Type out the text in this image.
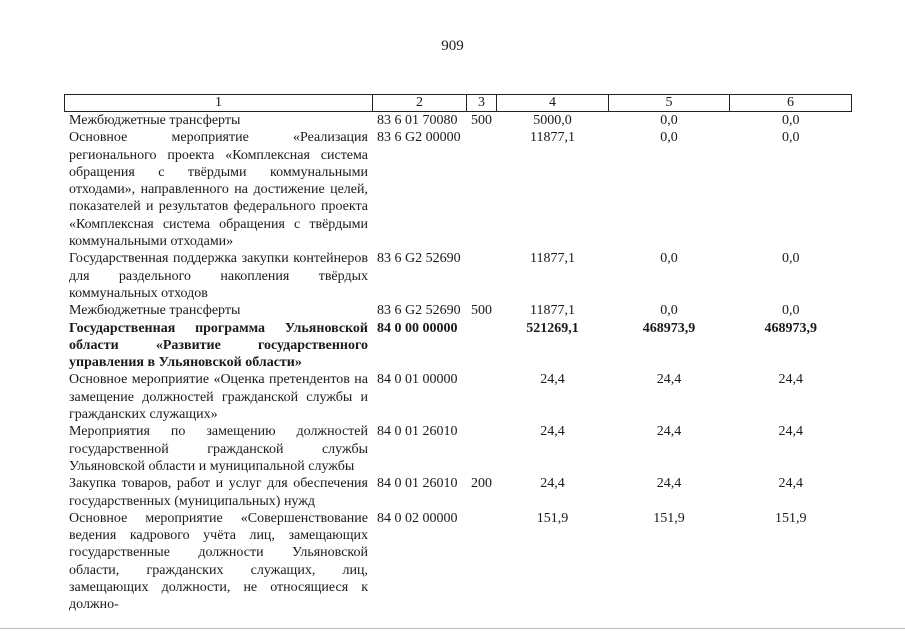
909
1	2	3	4	5	6
Межбюджетные трансферты	83 6 01 70080	500	5000,0	0,0	0,0
Основное мероприятие «Реализация регионального проекта «Комплексная система обращения с твёрдыми коммунальными отходами», направленного на достижение целей, показателей и результатов федерального проекта «Комплексная система обращения с твёрдыми коммунальными отходами»	83 6 G2 00000		11877,1	0,0	0,0
Государственная поддержка закупки контейнеров для раздельного накопления твёрдых коммунальных отходов	83 6 G2 52690		11877,1	0,0	0,0
Межбюджетные трансферты	83 6 G2 52690	500	11877,1	0,0	0,0
Государственная программа Ульяновской области «Развитие государственного управления в Ульяновской области»	84 0 00 00000		521269,1	468973,9	468973,9
Основное мероприятие «Оценка претендентов на замещение должностей гражданской службы и гражданских служащих»	84 0 01 00000		24,4	24,4	24,4
Мероприятия по замещению должностей государственной гражданской службы Ульяновской области и муниципальной службы	84 0 01 26010		24,4	24,4	24,4
Закупка товаров, работ и услуг для обеспечения государственных (муниципальных) нужд	84 0 01 26010	200	24,4	24,4	24,4
Основное мероприятие «Совершенствование ведения кадрового учёта лиц, замещающих государственные должности Ульяновской области, гражданских служащих, лиц, замещающих должности, не относящиеся к должно-	84 0 02 00000		151,9	151,9	151,9
